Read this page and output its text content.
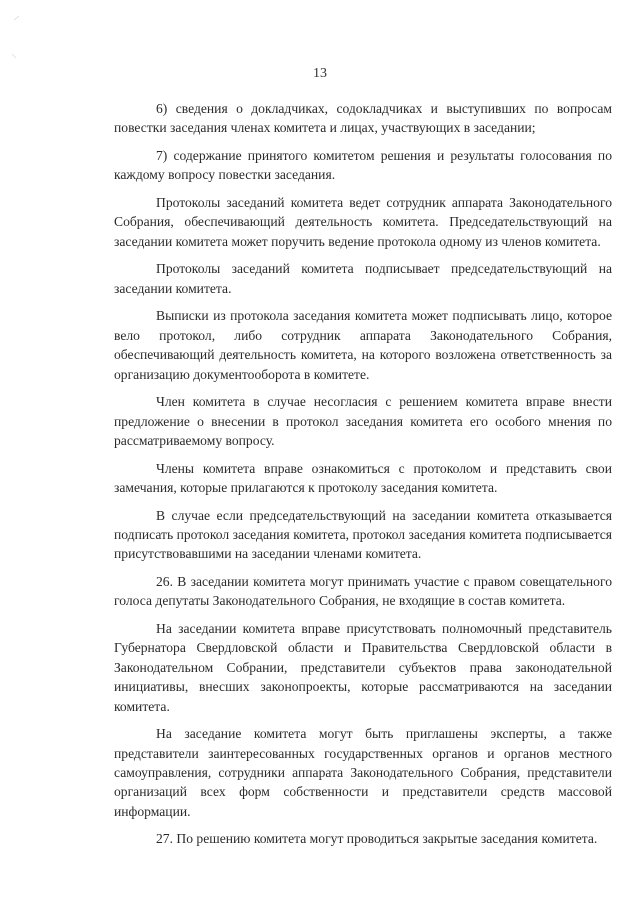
13

6) сведения о докладчиках, содокладчиках и выступивших по вопросам повестки заседания членах комитета и лицах, участвующих в заседании;

7) содержание принятого комитетом решения и результаты голосования по каждому вопросу повестки заседания.

Протоколы заседаний комитета ведет сотрудник аппарата Законодательного Собрания, обеспечивающий деятельность комитета. Председательствующий на заседании комитета может поручить ведение протокола одному из членов комитета.

Протоколы заседаний комитета подписывает председательствующий на заседании комитета.

Выписки из протокола заседания комитета может подписывать лицо, которое вело протокол, либо сотрудник аппарата Законодательного Собрания, обеспечивающий деятельность комитета, на которого возложена ответственность за организацию документооборота в комитете.

Член комитета в случае несогласия с решением комитета вправе внести предложение о внесении в протокол заседания комитета его особого мнения по рассматриваемому вопросу.

Члены комитета вправе ознакомиться с протоколом и представить свои замечания, которые прилагаются к протоколу заседания комитета.

В случае если председательствующий на заседании комитета отказывается подписать протокол заседания комитета, протокол заседания комитета подписывается присутствовавшими на заседании членами комитета.

26. В заседании комитета могут принимать участие с правом совещательного голоса депутаты Законодательного Собрания, не входящие в состав комитета.

На заседании комитета вправе присутствовать полномочный представитель Губернатора Свердловской области и Правительства Свердловской области в Законодательном Собрании, представители субъектов права законодательной инициативы, внесших законопроекты, которые рассматриваются на заседании комитета.

На заседание комитета могут быть приглашены эксперты, а также представители заинтересованных государственных органов и органов местного самоуправления, сотрудники аппарата Законодательного Собрания, представители организаций всех форм собственности и представители средств массовой информации.

27. По решению комитета могут проводиться закрытые заседания комитета.
